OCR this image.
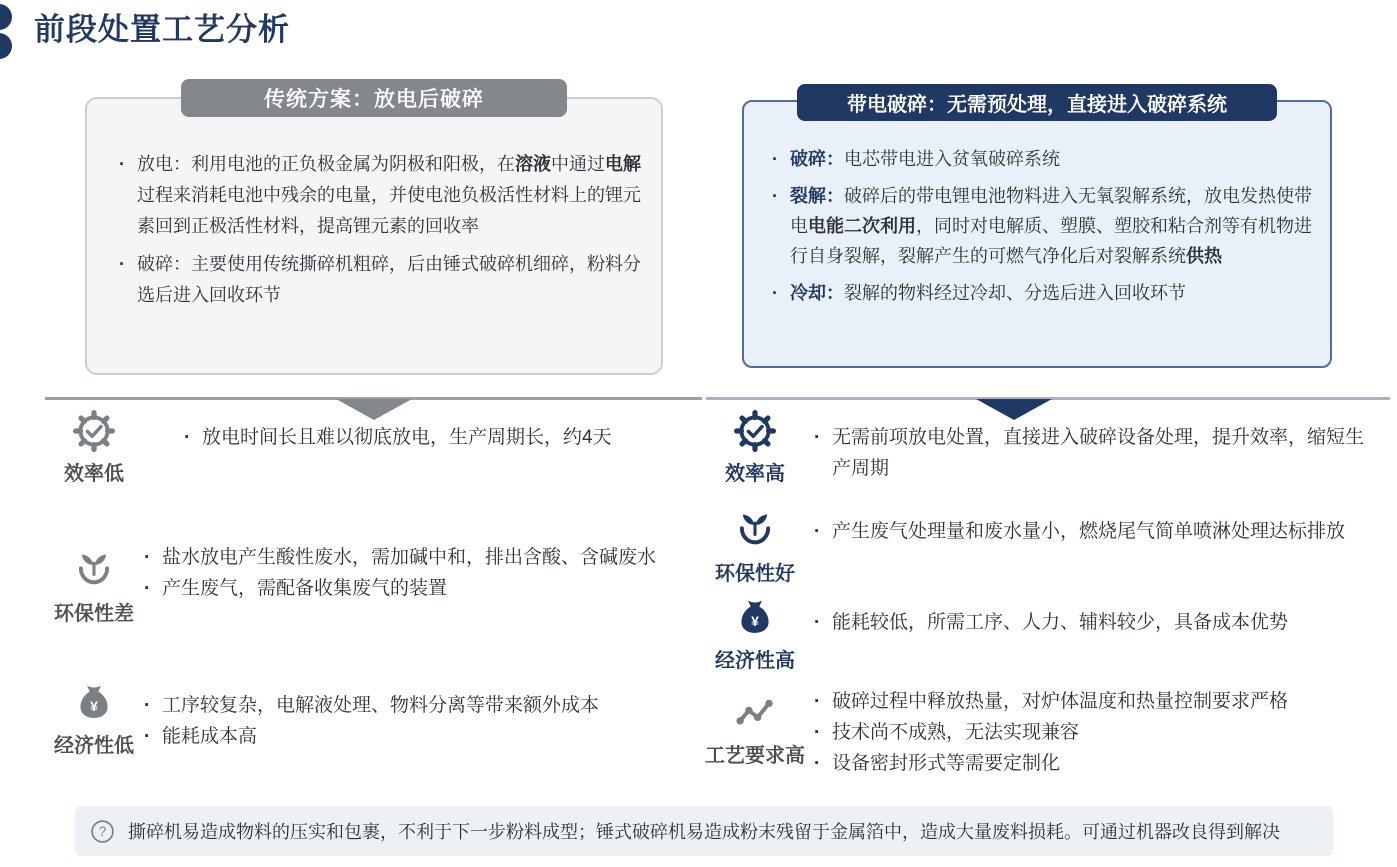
前段处置工艺分析
· 放电：利用电池的正负极金属为阴极和阳极，在溶液中通过电解过程来消耗电池中残余的电量，并使电池负极活性材料上的锂元素回到正极活性材料，提高锂元素的回收率
· 破碎：主要使用传统撕碎机粗碎，后由锤式破碎机细碎，粉料分选后进入回收环节
传统方案：放电后破碎
· 破碎：电芯带电进入贫氧破碎系统
· 裂解：破碎后的带电锂电池物料进入无氧裂解系统，放电发热使带电电能二次利用，同时对电解质、塑膜、塑胶和粘合剂等有机物进行自身裂解，裂解产生的可燃气净化后对裂解系统供热
· 冷却：裂解的物料经过冷却、分选后进入回收环节
带电破碎：无需预处理，直接进入破碎系统
效率低
· 放电时间长且难以彻底放电，生产周期长，约4天
环保性差
· 盐水放电产生酸性废水，需加碱中和，排出含酸、含碱废水
· 产生废气，需配备收集废气的装置
经济性低
· 工序较复杂，电解液处理、物料分离等带来额外成本
· 能耗成本高
效率高
· 无需前项放电处置，直接进入破碎设备处理，提升效率，缩短生产周期
环保性好
· 产生废气处理量和废水量小，燃烧尾气简单喷淋处理达标排放
经济性高
· 能耗较低，所需工序、人力、辅料较少，具备成本优势
工艺要求高
· 破碎过程中释放热量，对炉体温度和热量控制要求严格
· 技术尚不成熟，无法实现兼容
· 设备密封形式等需要定制化
撕碎机易造成物料的压实和包裹，不利于下一步粉料成型；锤式破碎机易造成粉末残留于金属箔中，造成大量废料损耗。可通过机器改良得到解决
